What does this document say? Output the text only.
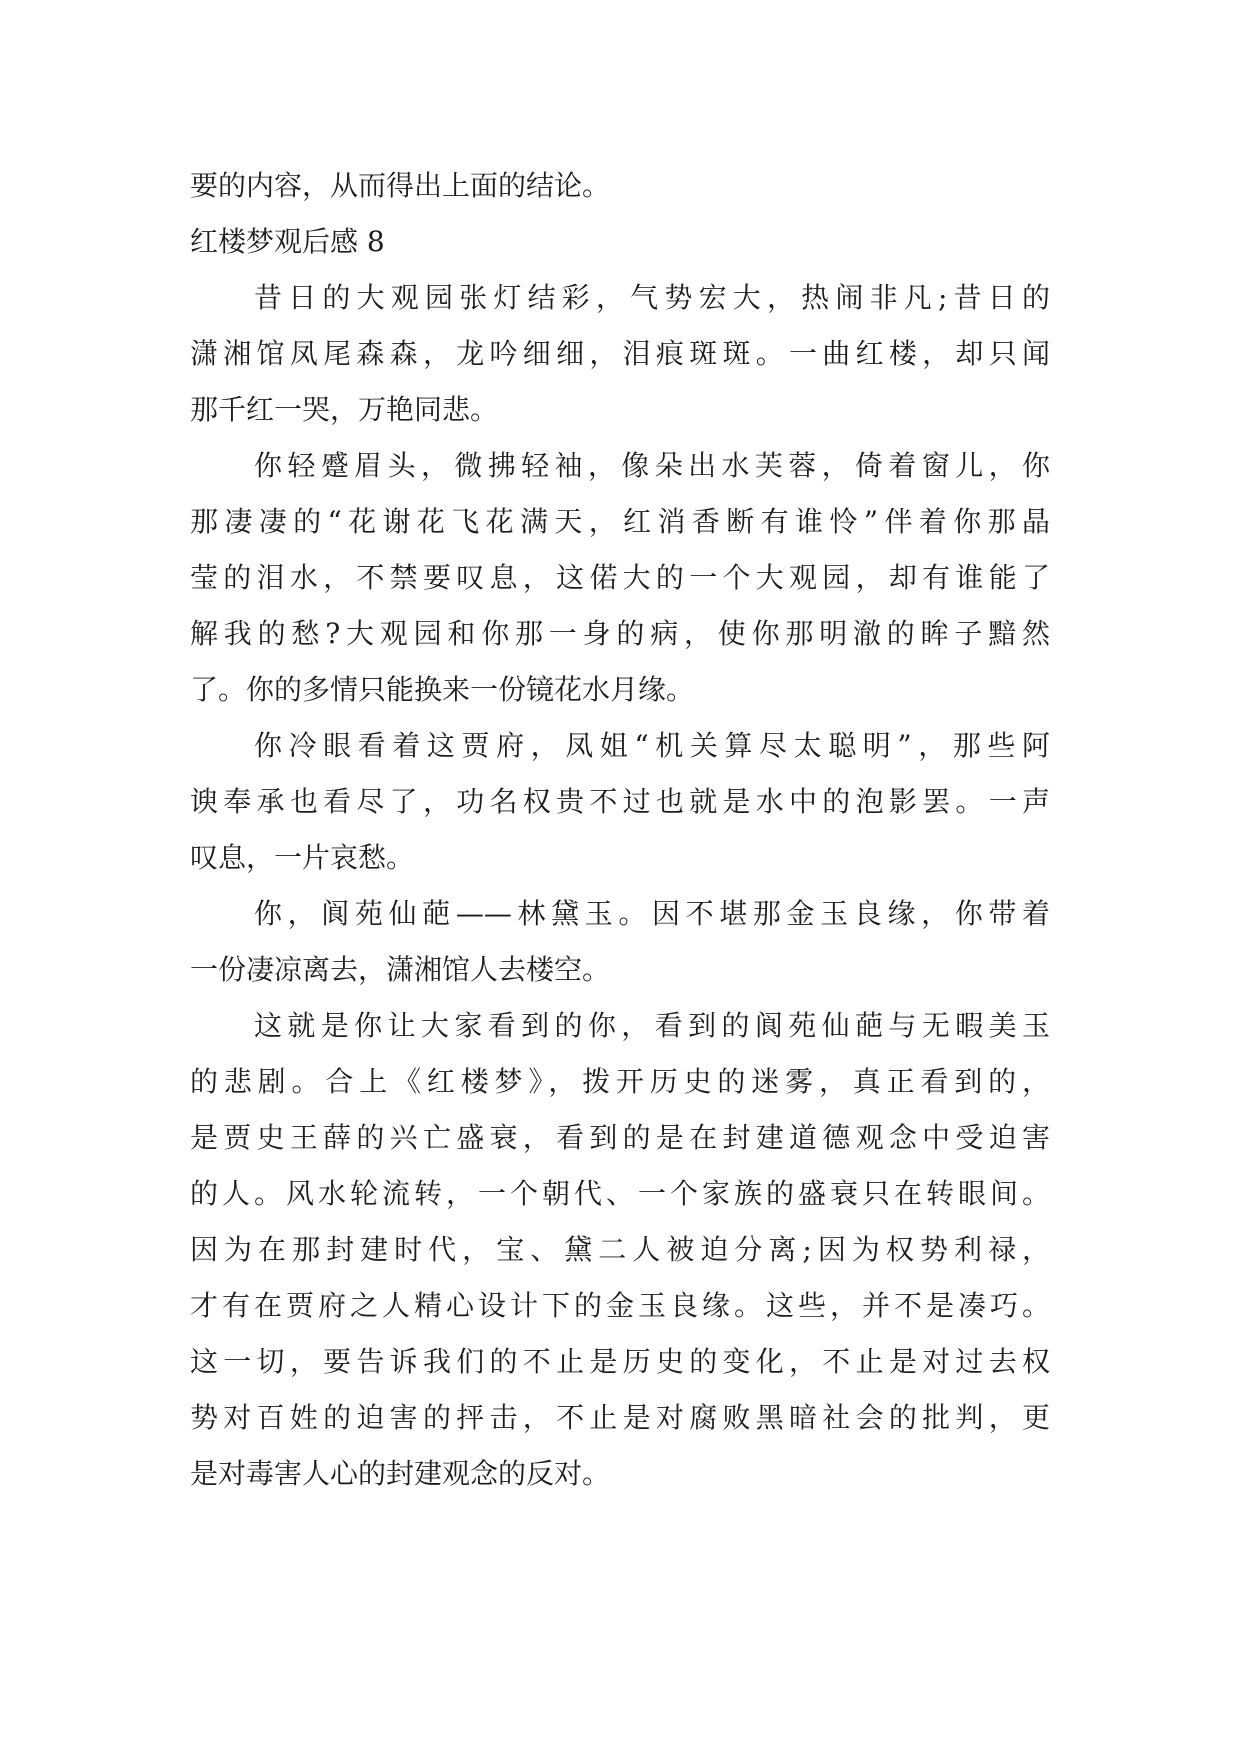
要的内容，从而得出上面的结论。
红楼梦观后感 8
昔日的大观园张灯结彩，气势宏大，热闹非凡;昔日的
潇湘馆凤尾森森，龙吟细细，泪痕斑斑。一曲红楼，却只闻
那千红一哭，万艳同悲。
你轻蹙眉头，微拂轻袖，像朵出水芙蓉，倚着窗儿，你
那凄凄的“花谢花飞花满天，红消香断有谁怜”伴着你那晶
莹的泪水，不禁要叹息，这偌大的一个大观园，却有谁能了
解我的愁?大观园和你那一身的病，使你那明澈的眸子黯然
了。你的多情只能换来一份镜花水月缘。
你冷眼看着这贾府，凤姐“机关算尽太聪明”，那些阿
谀奉承也看尽了，功名权贵不过也就是水中的泡影罢。一声
叹息，一片哀愁。
你，阆苑仙葩——林黛玉。因不堪那金玉良缘，你带着
一份凄凉离去，潇湘馆人去楼空。
这就是你让大家看到的你，看到的阆苑仙葩与无暇美玉
的悲剧。合上《红楼梦》，拨开历史的迷雾，真正看到的，
是贾史王薛的兴亡盛衰，看到的是在封建道德观念中受迫害
的人。风水轮流转，一个朝代、一个家族的盛衰只在转眼间。
因为在那封建时代，宝、黛二人被迫分离;因为权势利禄，
才有在贾府之人精心设计下的金玉良缘。这些，并不是凑巧。
这一切，要告诉我们的不止是历史的变化，不止是对过去权
势对百姓的迫害的抨击，不止是对腐败黑暗社会的批判，更
是对毒害人心的封建观念的反对。
